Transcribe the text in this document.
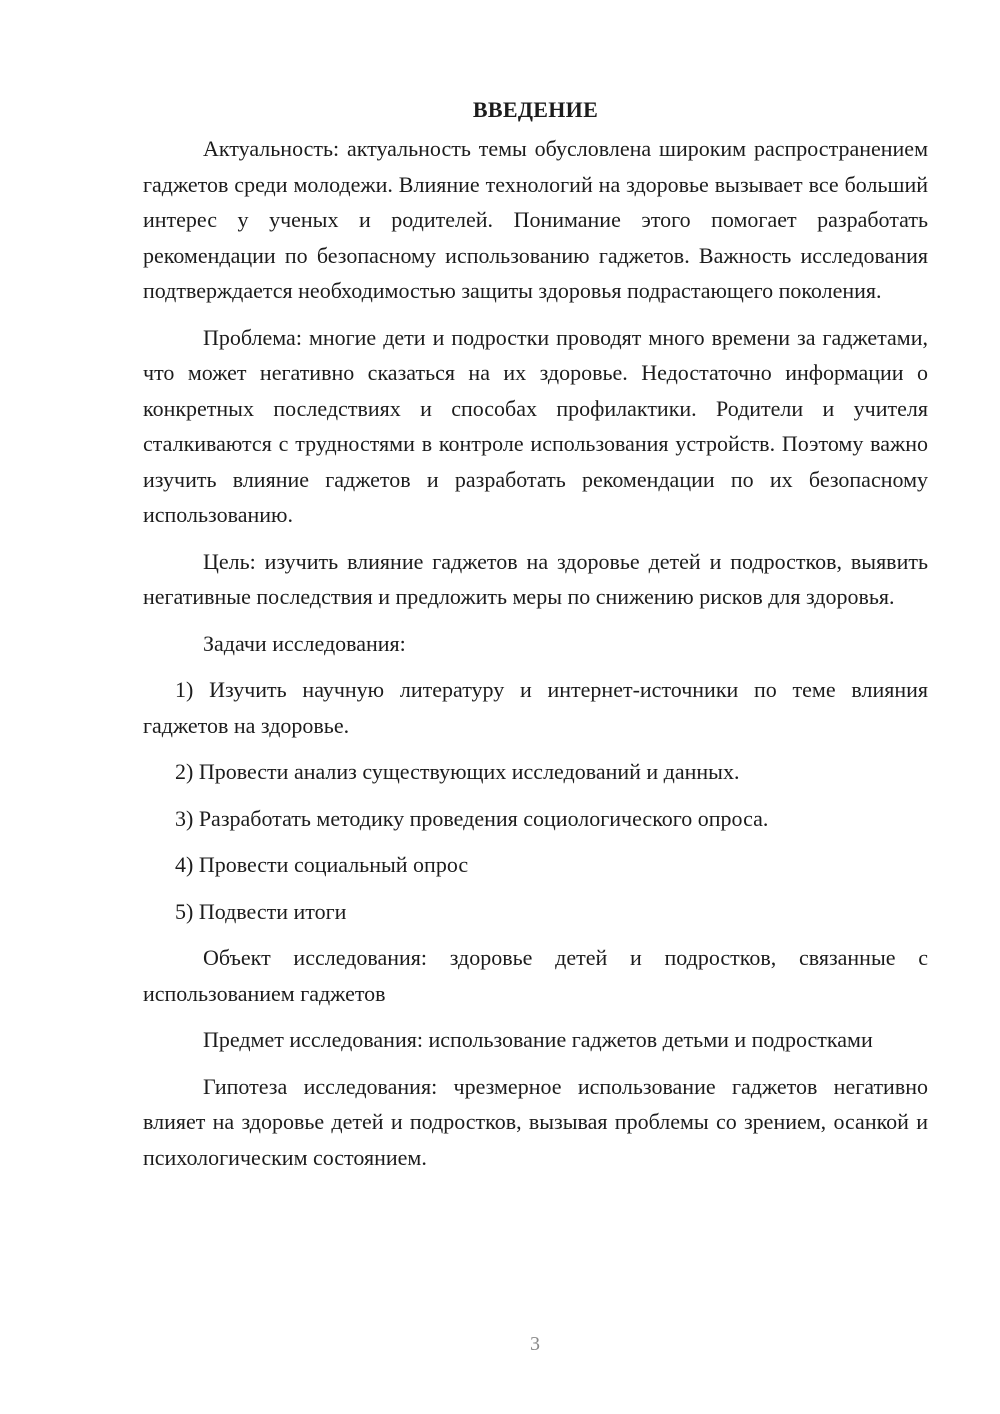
ВВЕДЕНИЕ

Актуальность: актуальность темы обусловлена широким распространением гаджетов среди молодежи. Влияние технологий на здоровье вызывает все больший интерес у ученых и родителей. Понимание этого помогает разработать рекомендации по безопасному использованию гаджетов. Важность исследования подтверждается необходимостью защиты здоровья подрастающего поколения.

Проблема: многие дети и подростки проводят много времени за гаджетами, что может негативно сказаться на их здоровье. Недостаточно информации о конкретных последствиях и способах профилактики. Родители и учителя сталкиваются с трудностями в контроле использования устройств. Поэтому важно изучить влияние гаджетов и разработать рекомендации по их безопасному использованию.

Цель: изучить влияние гаджетов на здоровье детей и подростков, выявить негативные последствия и предложить меры по снижению рисков для здоровья.

Задачи исследования:

1) Изучить научную литературу и интернет-источники по теме влияния гаджетов на здоровье.

2) Провести анализ существующих исследований и данных.

3) Разработать методику проведения социологического опроса.

4) Провести социальный опрос

5) Подвести итоги

Объект исследования: здоровье детей и подростков, связанные с использованием гаджетов

Предмет исследования: использование гаджетов детьми и подростками

Гипотеза исследования: чрезмерное использование гаджетов негативно влияет на здоровье детей и подростков, вызывая проблемы со зрением, осанкой и психологическим состоянием.

3
